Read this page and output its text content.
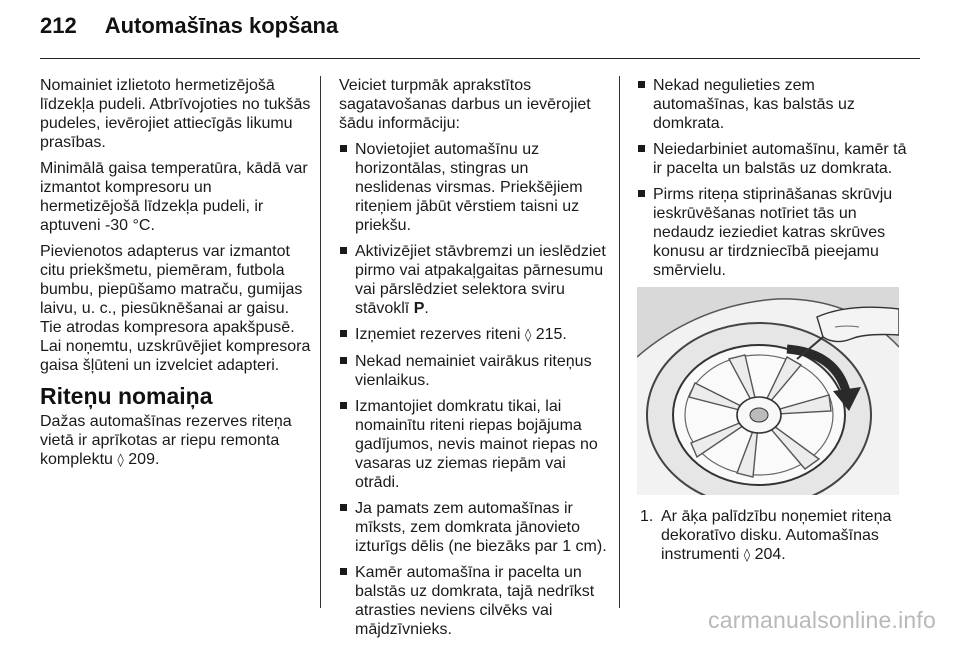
212 Automašīnas kopšana

Nomainiet izlietoto hermetizējošā līdzekļa pudeli. Atbrīvojoties no tukšās pudeles, ievērojiet attiecīgās likumu prasības.

Minimālā gaisa temperatūra, kādā var izmantot kompresoru un hermetizējošā līdzekļa pudeli, ir aptuveni -30 °C.

Pievienotos adapterus var izmantot citu priekšmetu, piemēram, futbola bumbu, piepūšamo matraču, gumijas laivu, u. c., piesūknēšanai ar gaisu. Tie atrodas kompresora apakšpusē. Lai noņemtu, uzskrūvējiet kompresora gaisa šļūteni un izvelciet adapteri.

Riteņu nomaiņa

Dažas automašīnas rezerves riteņa vietā ir aprīkotas ar riepu remonta komplektu ◊ 209.

Veiciet turpmāk aprakstītos sagatavošanas darbus un ievērojiet šādu informāciju:

Novietojiet automašīnu uz horizontālas, stingras un neslidenas virsmas. Priekšējiem riteņiem jābūt vērstiem taisni uz priekšu.
Aktivizējiet stāvbremzi un ieslēdziet pirmo vai atpakaļgaitas pārnesumu vai pārslēdziet selektora sviru stāvoklī P.
Izņemiet rezerves riteni ◊ 215.
Nekad nemainiet vairākus riteņus vienlaikus.
Izmantojiet domkratu tikai, lai nomainītu riteni riepas bojājuma gadījumos, nevis mainot riepas no vasaras uz ziemas riepām vai otrādi.
Ja pamats zem automašīnas ir mīksts, zem domkrata jānovieto izturīgs dēlis (ne biezāks par 1 cm).
Kamēr automašīna ir pacelta un balstās uz domkrata, tajā nedrīkst atrasties neviens cilvēks vai mājdzīvnieks.
Nekad negulieties zem automašīnas, kas balstās uz domkrata.
Neiedarbiniet automašīnu, kamēr tā ir pacelta un balstās uz domkrata.
Pirms riteņa stiprināšanas skrūvju ieskrūvēšanas notīriet tās un nedaudz ieziediet katras skrūves konusu ar tirdzniecībā pieejamu smērvielu.
1. Ar āķa palīdzību noņemiet riteņa dekoratīvo disku. Automašīnas instrumenti ◊ 204.
carmanualsonline.info
